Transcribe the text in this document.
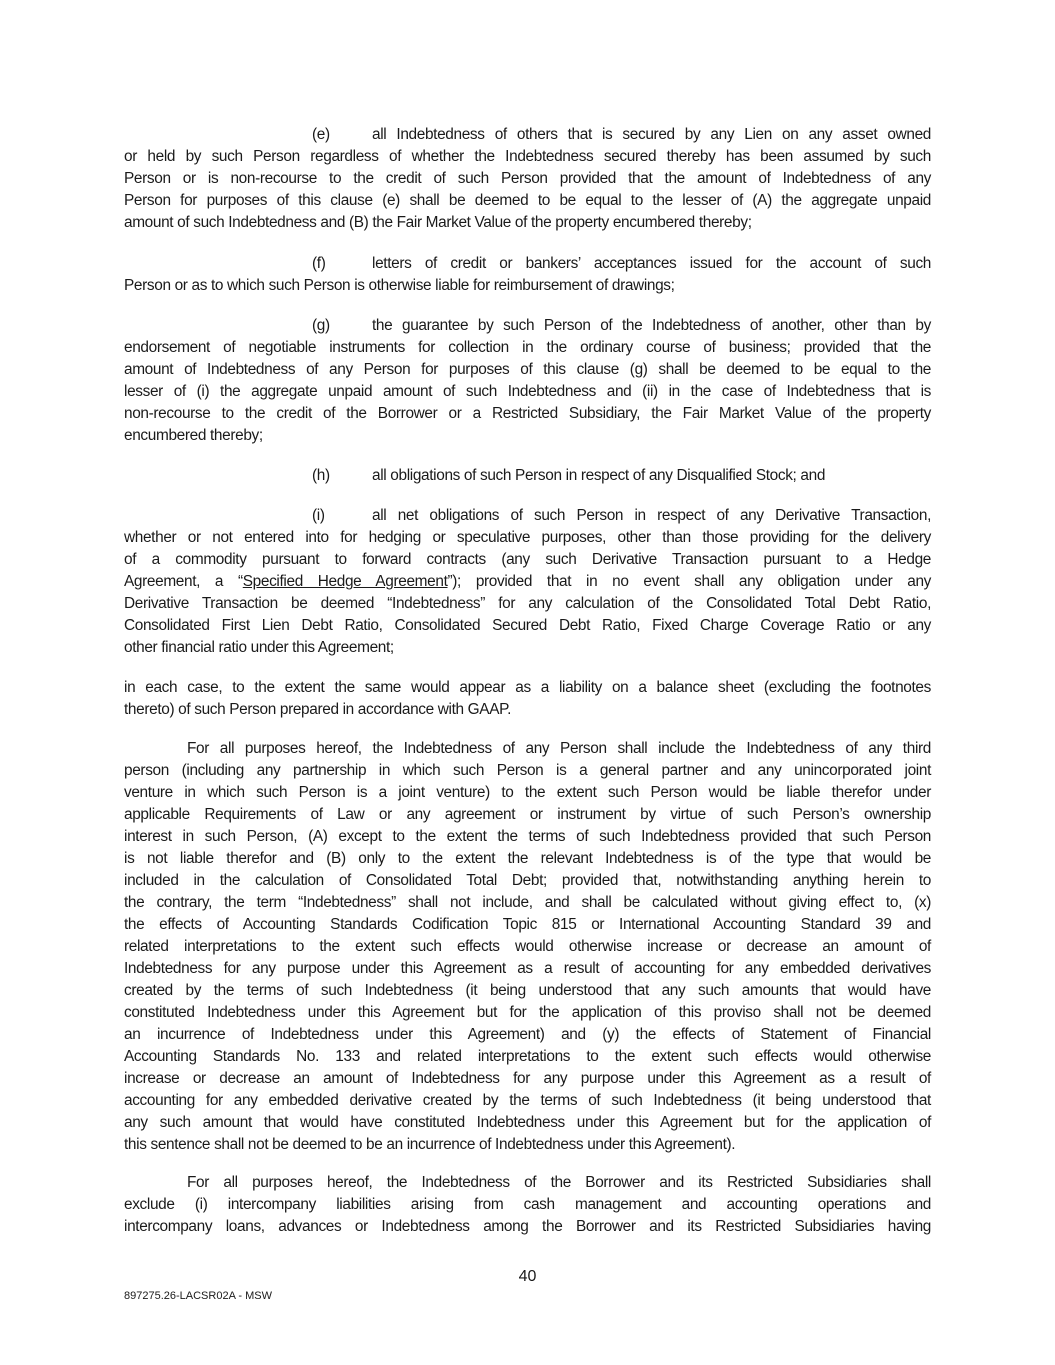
(e)	all Indebtedness of others that is secured by any Lien on any asset owned
or held by such Person regardless of whether the Indebtedness secured thereby has been assumed by such
Person or is non-recourse to the credit of such Person provided that the amount of Indebtedness of any
Person for purposes of this clause (e) shall be deemed to be equal to the lesser of (A) the aggregate unpaid
amount of such Indebtedness and (B) the Fair Market Value of the property encumbered thereby;
(f)	letters of credit or bankers’ acceptances issued for the account of such
Person or as to which such Person is otherwise liable for reimbursement of drawings;
(g)	the guarantee by such Person of the Indebtedness of another, other than by
endorsement of negotiable instruments for collection in the ordinary course of business; provided that the
amount of Indebtedness of any Person for purposes of this clause (g) shall be deemed to be equal to the
lesser of (i) the aggregate unpaid amount of such Indebtedness and (ii) in the case of Indebtedness that is
non-recourse to the credit of the Borrower or a Restricted Subsidiary, the Fair Market Value of the property
encumbered thereby;
(h)	all obligations of such Person in respect of any Disqualified Stock; and
(i)	all net obligations of such Person in respect of any Derivative Transaction,
whether or not entered into for hedging or speculative purposes, other than those providing for the delivery
of a commodity pursuant to forward contracts (any such Derivative Transaction pursuant to a Hedge
Agreement, a “Specified Hedge Agreement”); provided that in no event shall any obligation under any
Derivative Transaction be deemed “Indebtedness” for any calculation of the Consolidated Total Debt Ratio,
Consolidated First Lien Debt Ratio, Consolidated Secured Debt Ratio, Fixed Charge Coverage Ratio or any
other financial ratio under this Agreement;
in each case, to the extent the same would appear as a liability on a balance sheet (excluding the footnotes
thereto) of such Person prepared in accordance with GAAP.
For all purposes hereof, the Indebtedness of any Person shall include the Indebtedness of any third
person (including any partnership in which such Person is a general partner and any unincorporated joint
venture in which such Person is a joint venture) to the extent such Person would be liable therefor under
applicable Requirements of Law or any agreement or instrument by virtue of such Person’s ownership
interest in such Person, (A) except to the extent the terms of such Indebtedness provided that such Person
is not liable therefor and (B) only to the extent the relevant Indebtedness is of the type that would be
included in the calculation of Consolidated Total Debt; provided that, notwithstanding anything herein to
the contrary, the term “Indebtedness” shall not include, and shall be calculated without giving effect to, (x)
the effects of Accounting Standards Codification Topic 815 or International Accounting Standard 39 and
related interpretations to the extent such effects would otherwise increase or decrease an amount of
Indebtedness for any purpose under this Agreement as a result of accounting for any embedded derivatives
created by the terms of such Indebtedness (it being understood that any such amounts that would have
constituted Indebtedness under this Agreement but for the application of this proviso shall not be deemed
an incurrence of Indebtedness under this Agreement) and (y) the effects of Statement of Financial
Accounting Standards No. 133 and related interpretations to the extent such effects would otherwise
increase or decrease an amount of Indebtedness for any purpose under this Agreement as a result of
accounting for any embedded derivative created by the terms of such Indebtedness (it being understood that
any such amount that would have constituted Indebtedness under this Agreement but for the application of
this sentence shall not be deemed to be an incurrence of Indebtedness under this Agreement).
For all purposes hereof, the Indebtedness of the Borrower and its Restricted Subsidiaries shall
exclude (i) intercompany liabilities arising from cash management and accounting operations and
intercompany loans, advances or Indebtedness among the Borrower and its Restricted Subsidiaries having
40
897275.26-LACSR02A - MSW
